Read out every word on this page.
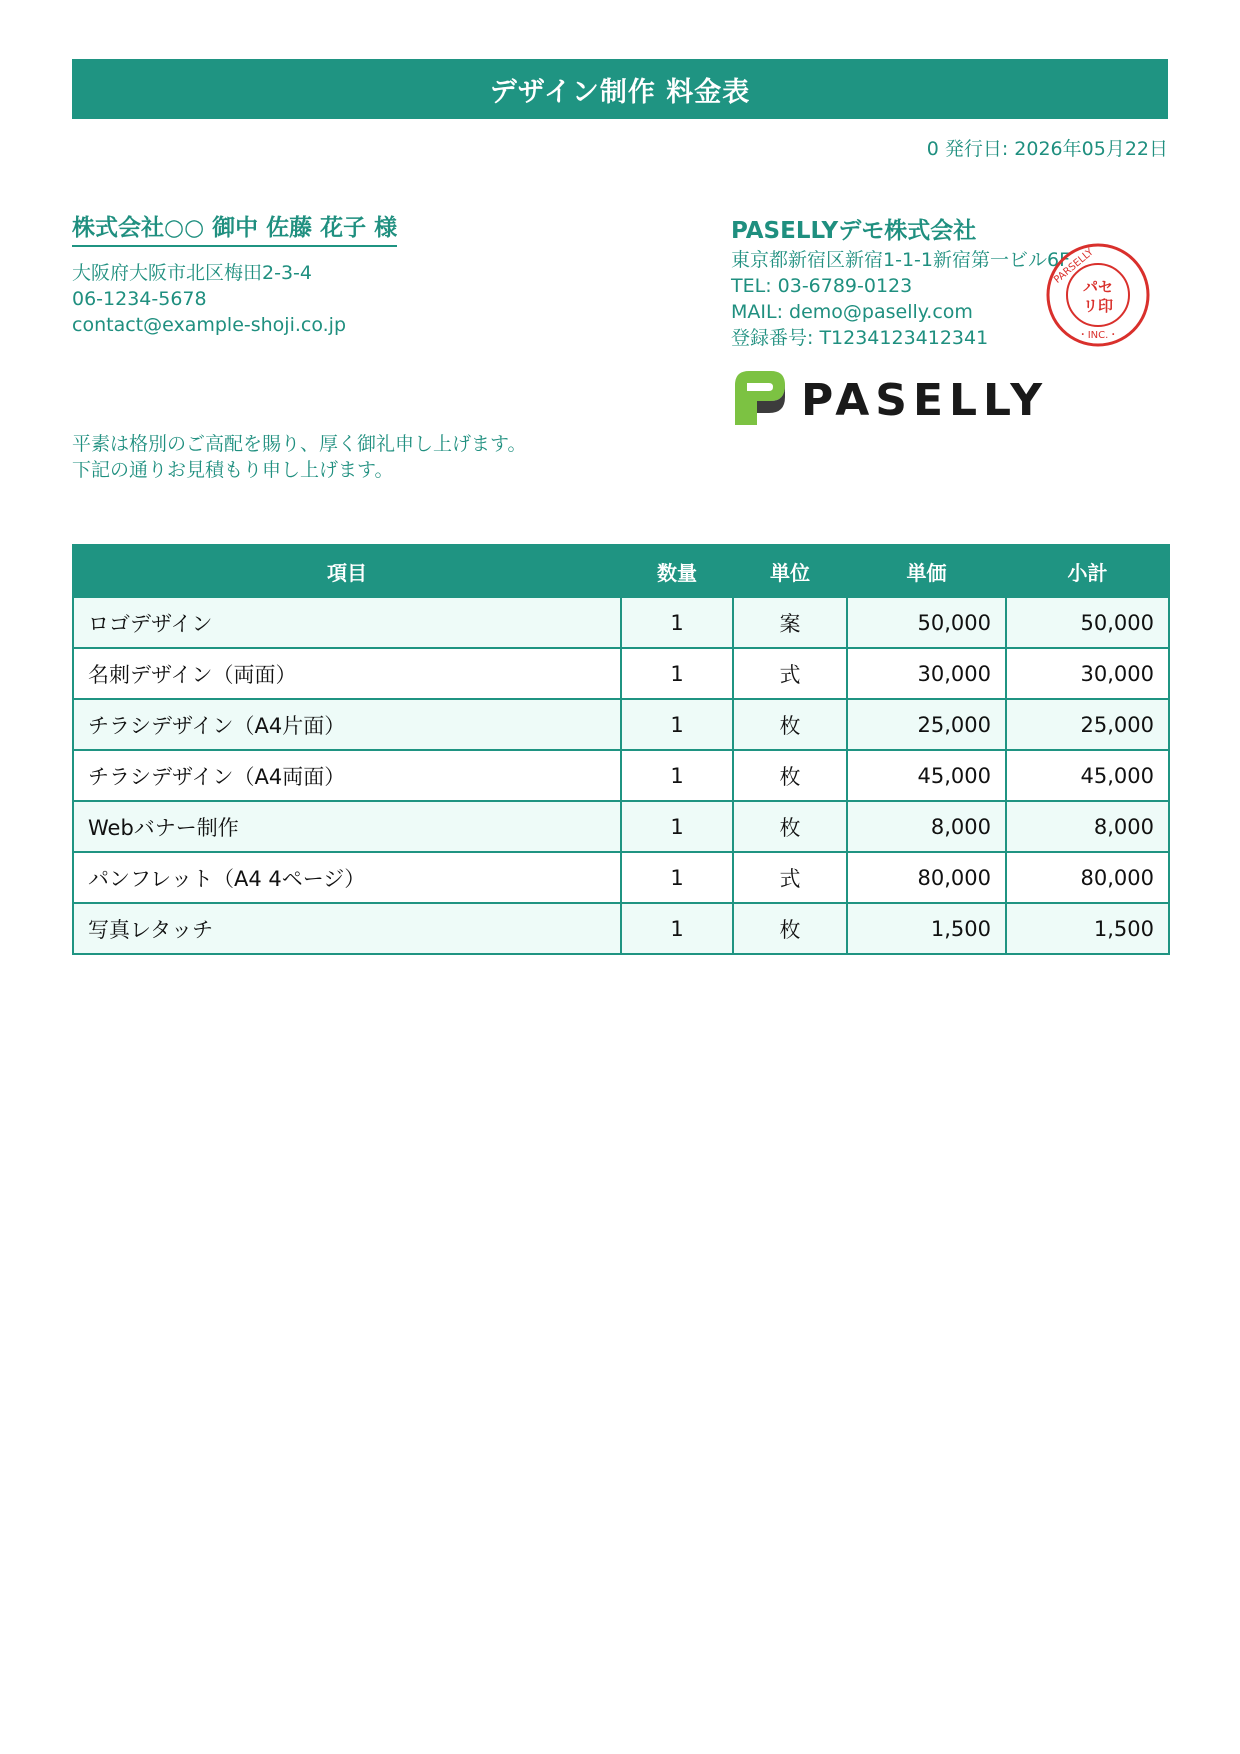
デザイン制作 料金表
0 発行日: 2026年05月22日
株式会社○○ 御中 佐藤 花子 様
大阪府大阪市北区梅田2-3-4
06-1234-5678
contact@example-shoji.co.jp
PASELLYデモ株式会社
東京都新宿区新宿1-1-1新宿第一ビル6F
TEL: 03-6789-0123
MAIL: demo@paselly.com
登録番号: T1234123412341
PARSELLY
・INC.・
パセ
リ印
PASELLY
平素は格別のご高配を賜り、厚く御礼申し上げます。
下記の通りお見積もり申し上げます。
項目	数量	単位	単価	小計
ロゴデザイン	1	案	50,000	50,000
名刺デザイン（両面）	1	式	30,000	30,000
チラシデザイン（A4片面）	1	枚	25,000	25,000
チラシデザイン（A4両面）	1	枚	45,000	45,000
Webバナー制作	1	枚	8,000	8,000
パンフレット（A4 4ページ）	1	式	80,000	80,000
写真レタッチ	1	枚	1,500	1,500
